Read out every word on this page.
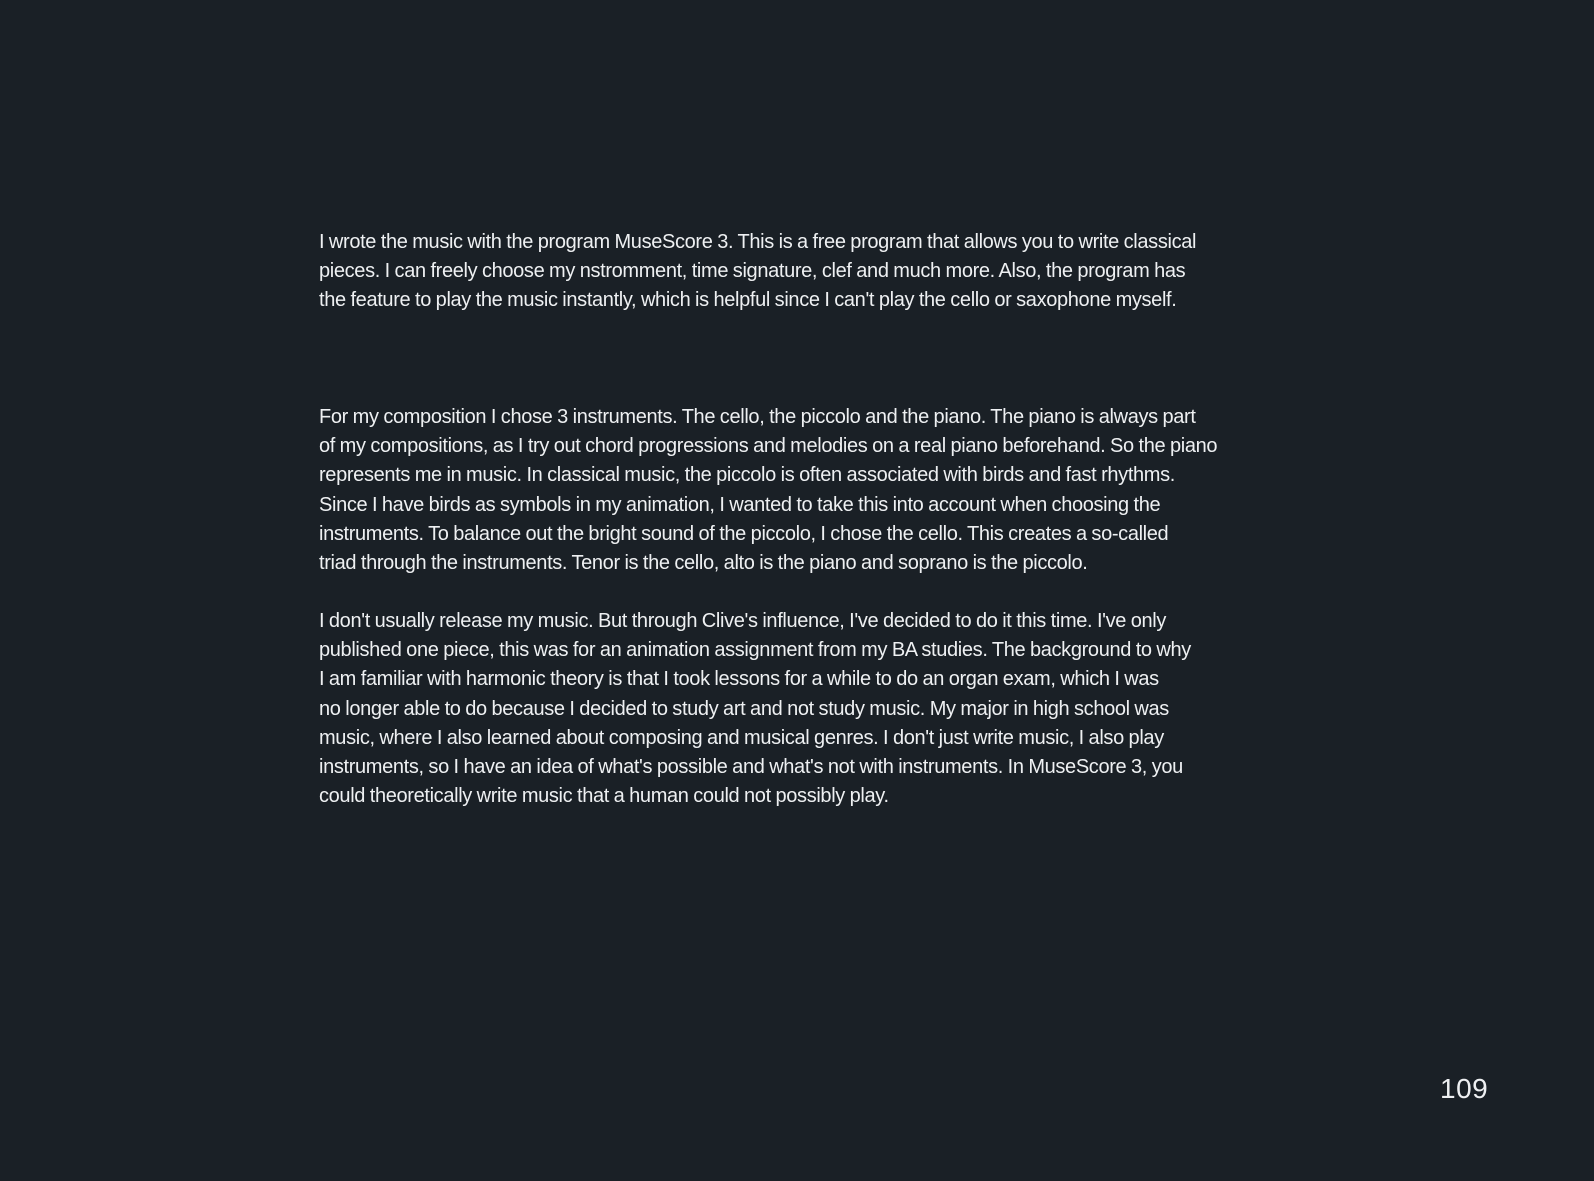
I wrote the music with the program MuseScore 3. This is a free program that allows you to write classical

pieces. I can freely choose my nstromment, time signature, clef and much more. Also, the program has

the feature to play the music instantly, which is helpful since I can't play the cello or saxophone myself.

For my composition I chose 3 instruments. The cello, the piccolo and the piano. The piano is always part

of my compositions, as I try out chord progressions and melodies on a real piano beforehand. So the piano

represents me in music. In classical music, the piccolo is often associated with birds and fast rhythms.

Since I have birds as symbols in my animation, I wanted to take this into account when choosing the

instruments. To balance out the bright sound of the piccolo, I chose the cello. This creates a so-called

triad through the instruments. Tenor is the cello, alto is the piano and soprano is the piccolo.

I don't usually release my music. But through Clive's influence, I've decided to do it this time. I've only

published one piece, this was for an animation assignment from my BA studies. The background to why

I am familiar with harmonic theory is that I took lessons for a while to do an organ exam, which I was

no longer able to do because I decided to study art and not study music. My major in high school was

music, where I also learned about composing and musical genres. I don't just write music, I also play

instruments, so I have an idea of what's possible and what's not with instruments. In MuseScore 3, you

could theoretically write music that a human could not possibly play.

109
